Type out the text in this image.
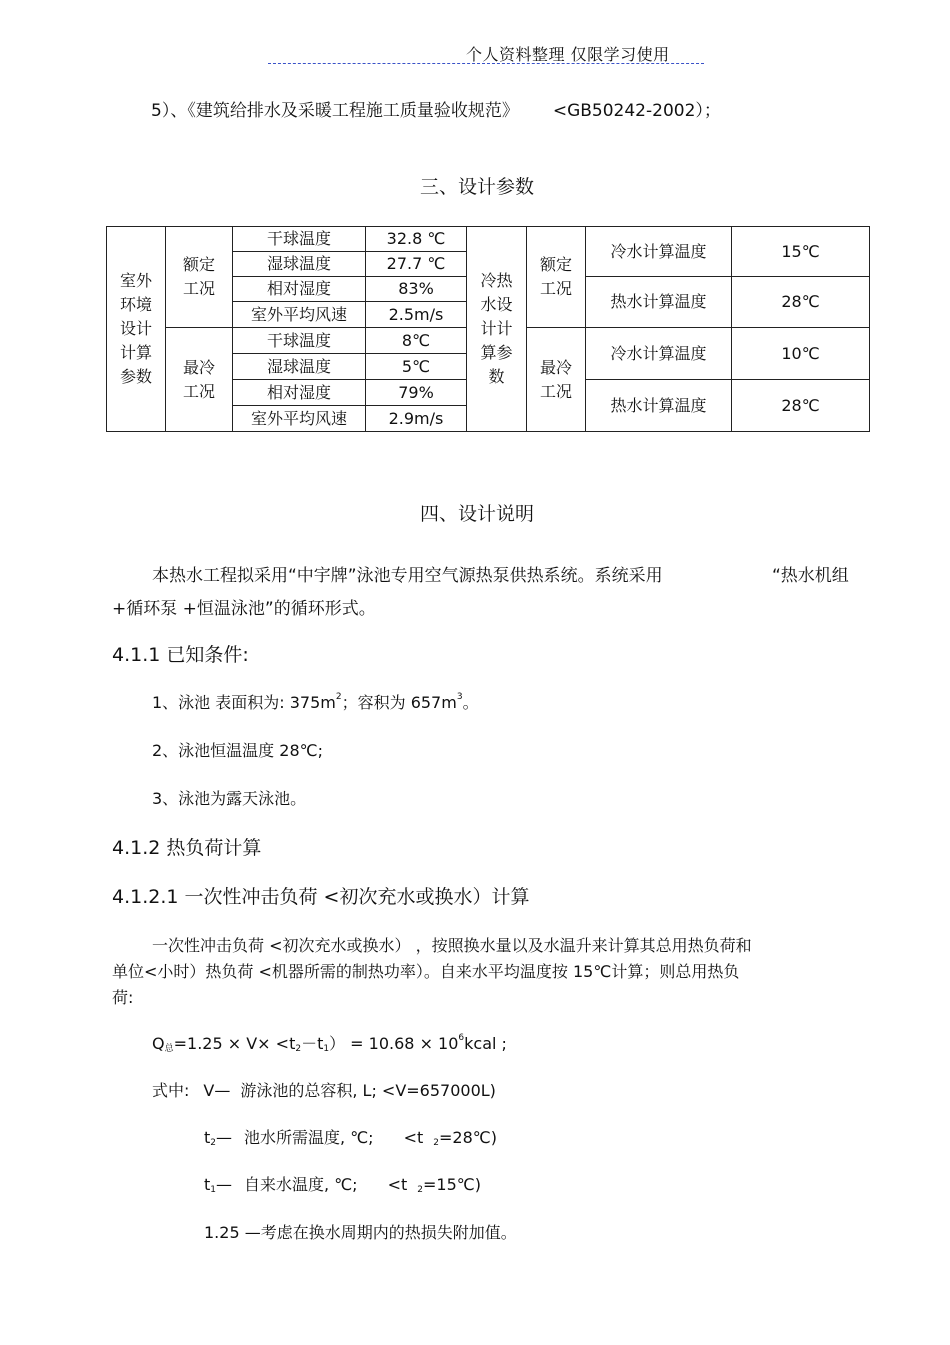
个人资料整理 仅限学习使用
5）、《建筑给排水及采暖工程施工质量验收规范》 <GB50242-2002）；
三、设计参数
室外环境设计计算参数	额定工况	干球温度	32.8 ℃	冷热水设计计算参数	额定工况	冷水计算温度	15℃
		湿球温度	27.7 ℃				
		相对湿度	83%			热水计算温度	28℃
		室外平均风速	2.5m/s				
	最冷工况	干球温度	8℃		最冷工况	冷水计算温度	10℃
		湿球温度	5℃				
		相对湿度	79%			热水计算温度	28℃
		室外平均风速	2.9m/s				
四、设计说明
本热水工程拟采用“中宇牌”泳池专用空气源热泵供热系统。系统采用	“热水机组
+循环泵 +恒温泳池”的循环形式。
4.1.1 已知条件:
1、泳池 表面积为: $375m^2$；容积为 $657m^3$。
2、泳池恒温温度 28℃;
3、泳池为露天泳池。
4.1.2 热负荷计算
4.1.2.1 一次性冲击负荷 <初次充水或换水）计算
一次性冲击负荷 <初次充水或换水） ，按照换水量以及水温升来计算其总用热负荷和
单位<小时）热负荷 <机器所需的制热功率）。自来水平均温度按 15℃计算；则总用热负
荷:
$Q_总=1.25 \times V\times <t_2-t_1) = 10.68$ × $10^6kcal$ ;
式中: V— 游泳池的总容积, L; <V=657000L)
$t_2—$ 池水所需温度, ℃; <t $_2$=28℃)
$t_1—$ 自来水温度, ℃; <t $_2$=15℃)
1.25 —考虑在换水周期内的热损失附加值。
